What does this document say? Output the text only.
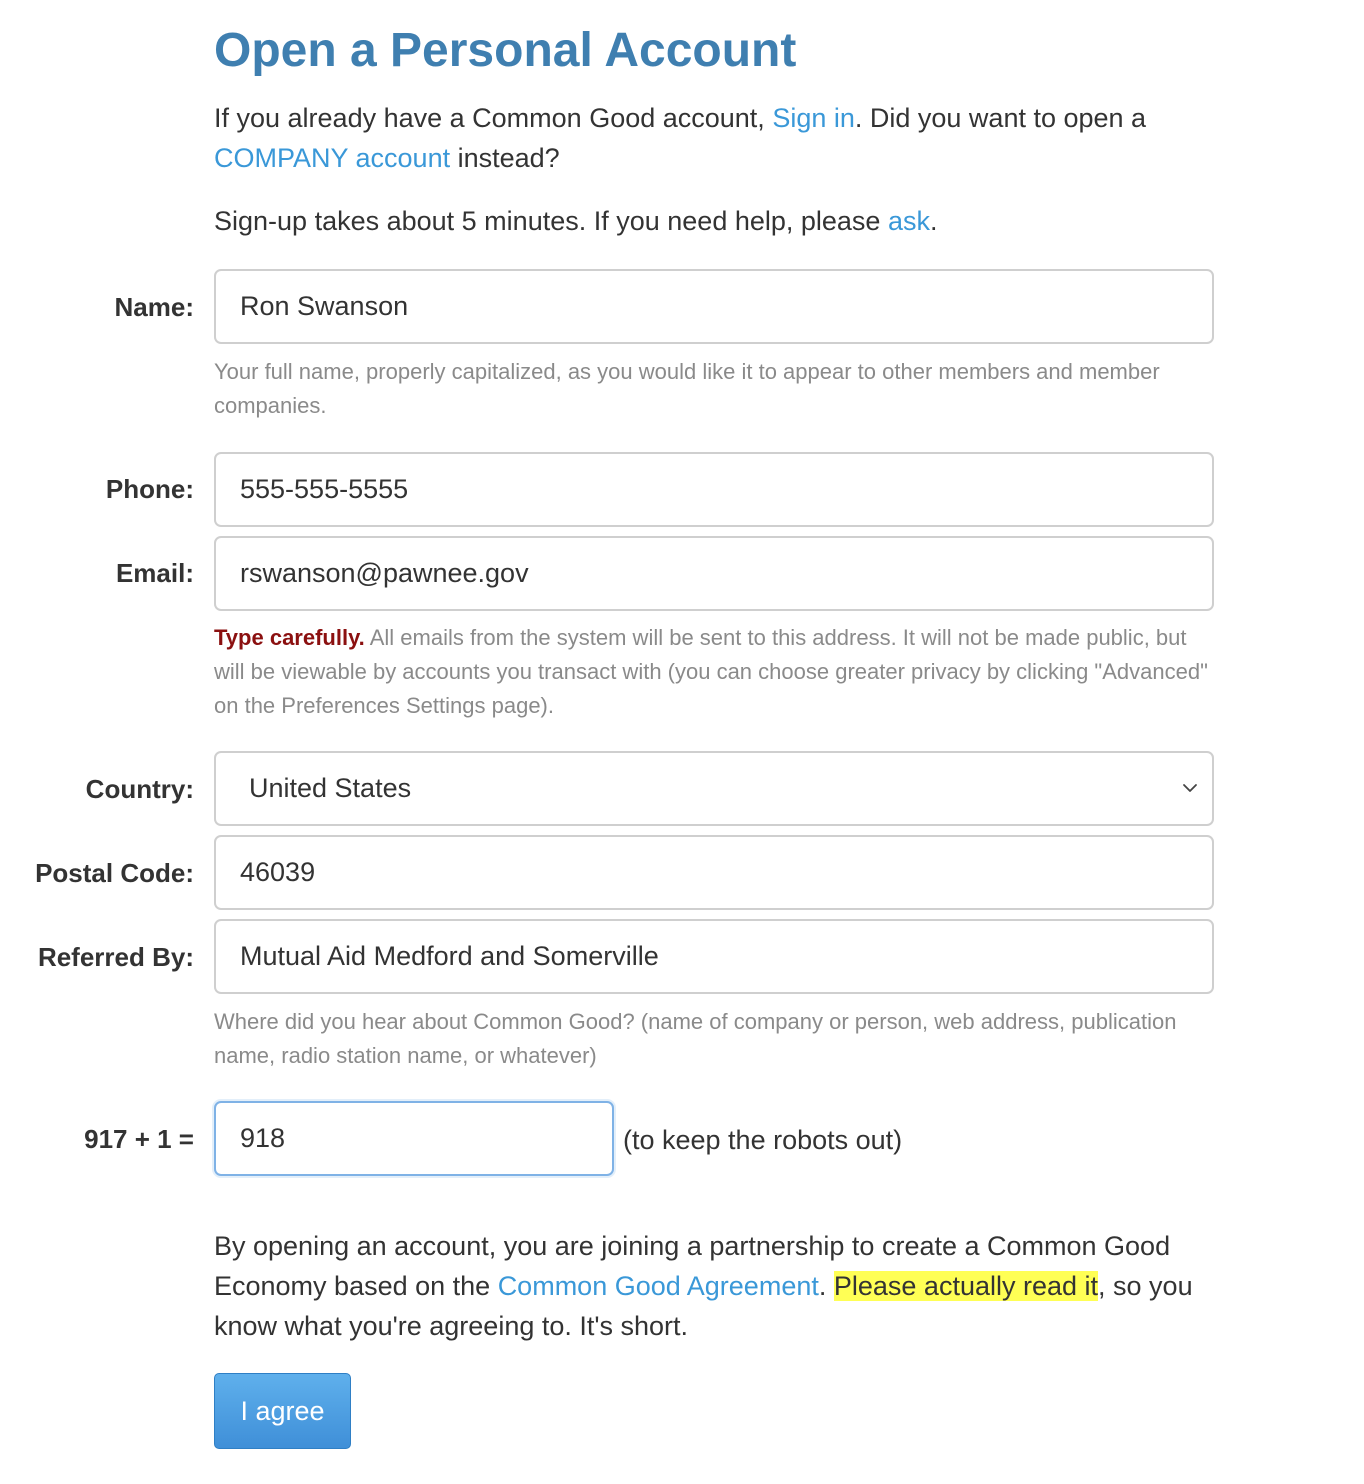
Open a Personal Account

If you already have a Common Good account, Sign in. Did you want to open a COMPANY account instead?

Sign-up takes about 5 minutes. If you need help, please ask.

Name:
Ron Swanson

Your full name, properly capitalized, as you would like it to appear to other members and member companies.

Phone:
555-555-5555
Email:
rswanson@pawnee.gov

Type carefully. All emails from the system will be sent to this address. It will not be made public, but will be viewable by accounts you transact with (you can choose greater privacy by clicking "Advanced" on the Preferences Settings page).

Country: United States
Postal Code:
46039
Referred By:
Mutual Aid Medford and Somerville

Where did you hear about Common Good? (name of company or person, web address, publication name, radio station name, or whatever)

917 + 1 =
918	(to keep the robots out)

By opening an account, you are joining a partnership to create a Common Good Economy based on the Common Good Agreement. Please actually read it, so you know what you're agreeing to. It's short.

I agree
